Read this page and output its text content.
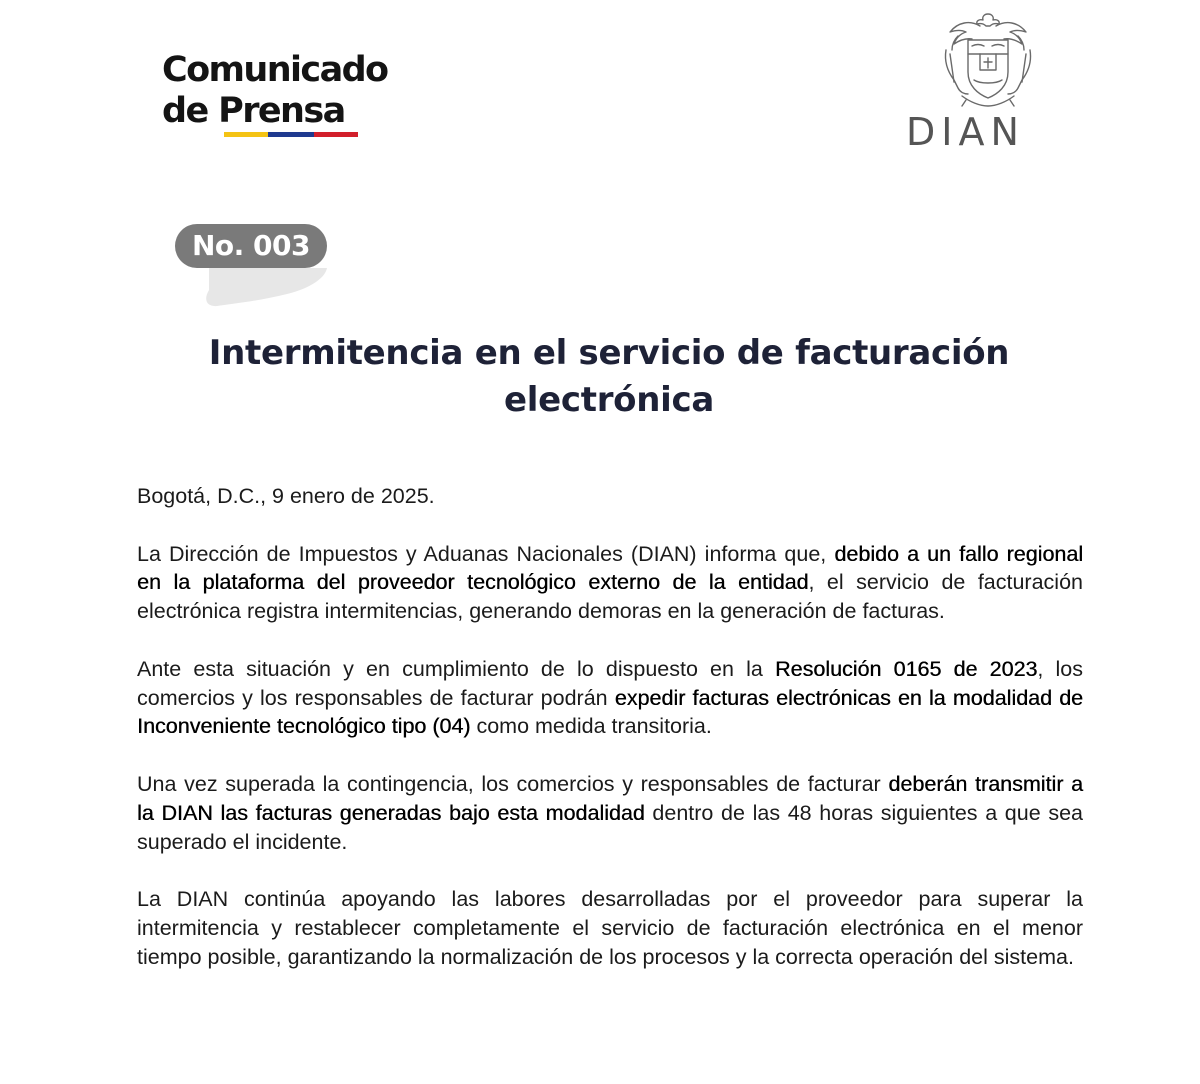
Comunicado
de Prensa	DIAN
No. 003
Intermitencia en el servicio de facturación electrónica

Bogotá, D.C., 9 enero de 2025.

La Dirección de Impuestos y Aduanas Nacionales (DIAN) informa que, debido a un fallo regional en la plataforma del proveedor tecnológico externo de la entidad, el servicio de facturación electrónica registra intermitencias, generando demoras en la generación de facturas.

Ante esta situación y en cumplimiento de lo dispuesto en la Resolución 0165 de 2023, los comercios y los responsables de facturar podrán expedir facturas electrónicas en la modalidad de Inconveniente tecnológico tipo (04) como medida transitoria.

Una vez superada la contingencia, los comercios y responsables de facturar deberán transmitir a la DIAN las facturas generadas bajo esta modalidad dentro de las 48 horas siguientes a que sea superado el incidente.

La DIAN continúa apoyando las labores desarrolladas por el proveedor para superar la intermitencia y restablecer completamente el servicio de facturación electrónica en el menor tiempo posible, garantizando la normalización de los procesos y la correcta operación del sistema.
